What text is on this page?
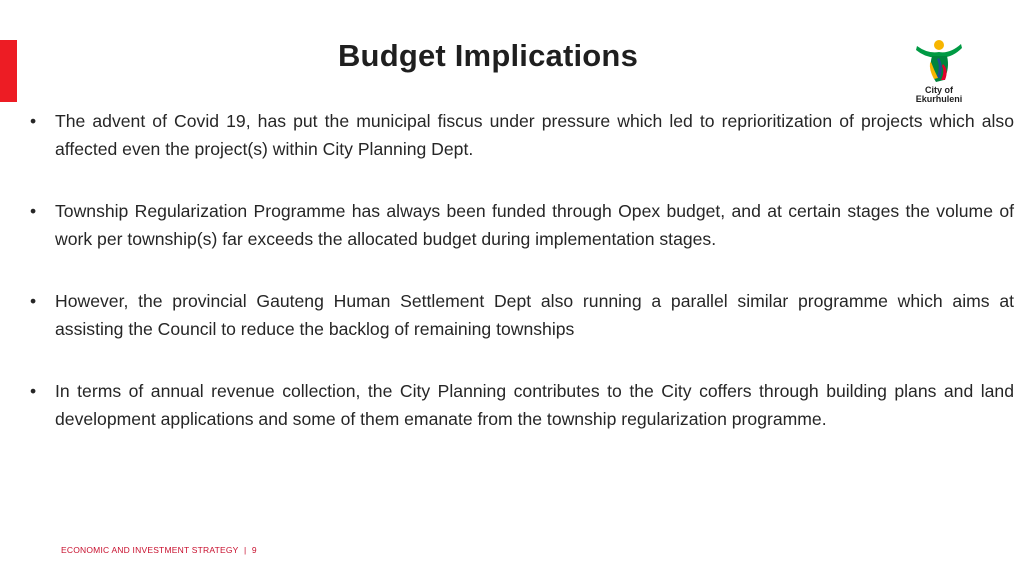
Budget Implications
City of
Ekurhuleni
•	The advent of Covid 19, has put the municipal fiscus under pressure which led to reprioritization of projects which also affected even the project(s) within City Planning Dept.
•	Township Regularization Programme has always been funded through Opex budget, and at certain stages the volume of work per township(s) far exceeds the allocated budget during implementation stages.
•	However, the provincial Gauteng Human Settlement Dept also running a parallel similar programme which aims at assisting the Council to reduce the backlog of remaining townships
•	In terms of annual revenue collection, the City Planning contributes to the City coffers through building plans and land development applications and some of them emanate from the township regularization programme.
ECONOMIC AND INVESTMENT STRATEGY | 9
